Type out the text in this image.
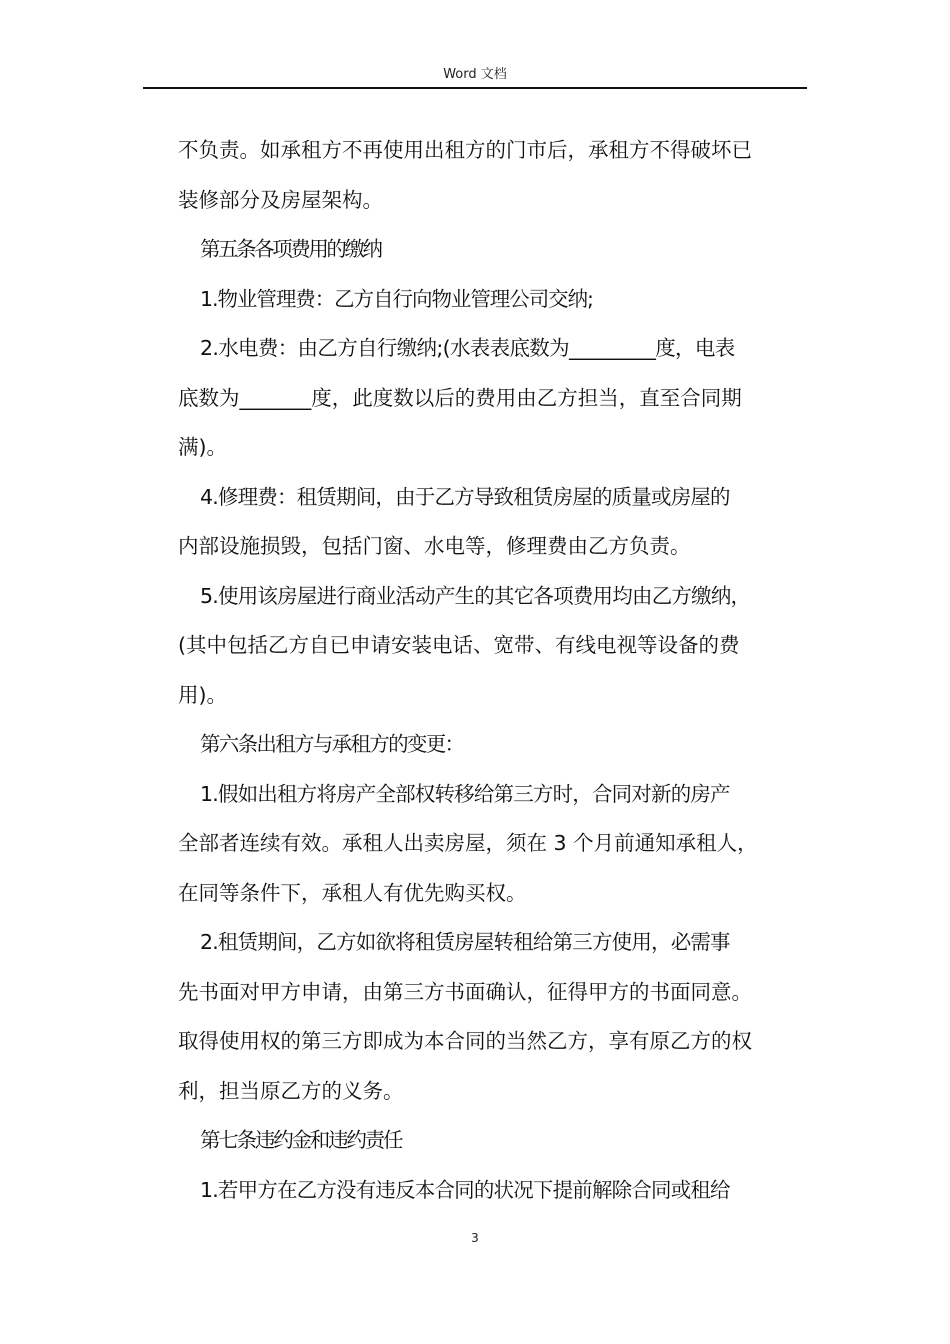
Word 文档

不负责。如承租方不再使用出租方的门市后，承租方不得破坏已

装修部分及房屋架构。

第五条各项费用的缴纳

1.物业管理费：乙方自行向物业管理公司交纳;

2.水电费：由乙方自行缴纳;(水表表底数为_________度，电表

底数为_______度，此度数以后的费用由乙方担当，直至合同期

满)。

4.修理费：租赁期间，由于乙方导致租赁房屋的质量或房屋的

内部设施损毁，包括门窗、水电等，修理费由乙方负责。

5.使用该房屋进行商业活动产生的其它各项费用均由乙方缴纳，

(其中包括乙方自已申请安装电话、宽带、有线电视等设备的费

用)。

第六条出租方与承租方的变更：

1.假如出租方将房产全部权转移给第三方时，合同对新的房产

全部者连续有效。承租人出卖房屋，须在 3 个月前通知承租人，

在同等条件下，承租人有优先购买权。

2.租赁期间，乙方如欲将租赁房屋转租给第三方使用，必需事

先书面对甲方申请，由第三方书面确认，征得甲方的书面同意。

取得使用权的第三方即成为本合同的当然乙方，享有原乙方的权

利，担当原乙方的义务。

第七条违约金和违约责任

1.若甲方在乙方没有违反本合同的状况下提前解除合同或租给

3
